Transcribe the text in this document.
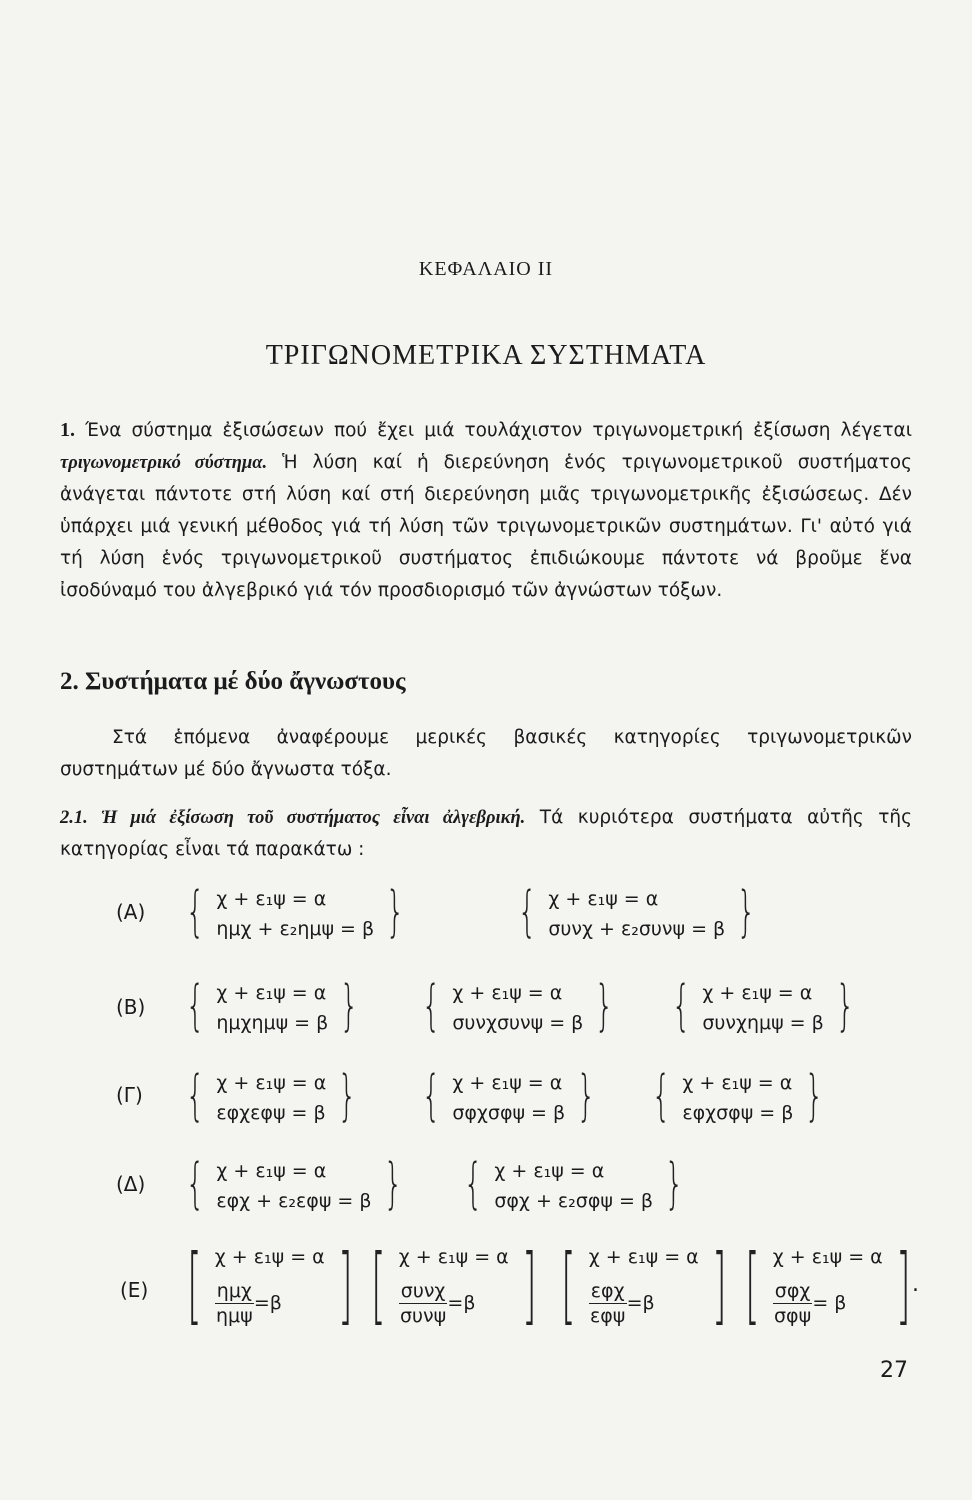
ΚΕΦΑΛΑΙΟ ΙΙ
ΤΡΙΓΩΝΟΜΕΤΡΙΚΑ ΣΥΣΤΗΜΑΤΑ
1. Ένα σύστημα ἐξισώσεων πού ἔχει μιά τουλάχιστον τριγωνομετρική ἐξίσωση λέγεται τριγωνομετρικό σύστημα. Ἡ λύση καί ἡ διερεύνηση ἑνός τριγωνομετρικοῦ συστήματος ἀνάγεται πάντοτε στή λύση καί στή διερεύνηση μιᾶς τριγωνομετρικῆς ἐξισώσεως. Δέν ὑπάρχει μιά γενική μέθοδος γιά τή λύση τῶν τριγωνομετρικῶν συστημάτων. Γι' αὐτό γιά τή λύση ἑνός τριγωνομετρικοῦ συστήματος ἐπιδιώκουμε πάντοτε νά βροῦμε ἕνα ἰσοδύναμό του ἀλγεβρικό γιά τόν προσδιορισμό τῶν ἀγνώστων τόξων.
2. Συστήματα μέ δύο ἄγνωστους
Στά ἑπόμενα ἀναφέρουμε μερικές βασικές κατηγορίες τριγωνομετρικῶν συστημάτων μέ δύο ἄγνωστα τόξα.
2.1. Ἡ μιά ἐξίσωση τοῦ συστήματος εἶναι ἀλγεβρική. Τά κυριότερα συστήματα αὐτῆς τῆς κατηγορίας εἶναι τά παρακάτω :
(Α) { χ + ε₁ψ = α
ημχ + ε₂ημψ = β } { χ + ε₁ψ = α
συνχ + ε₂συνψ = β }
(Β) { χ + ε₁ψ = α
ημχημψ = β } { χ + ε₁ψ = α
συνχσυνψ = β } { χ + ε₁ψ = α
συνχημψ = β }
(Γ) { χ + ε₁ψ = α
εφχεφψ = β } { χ + ε₁ψ = α
σφχσφψ = β } { χ + ε₁ψ = α
εφχσφψ = β }
(Δ) { χ + ε₁ψ = α
εφχ + ε₂εφψ = β } { χ + ε₁ψ = α
σφχ + ε₂σφψ = β }
(Ε) [ χ + ε₁ψ = α
$\frac{\text{ημχ}}{\text{ημψ}} =\beta$ ] [ χ + ε₁ψ = α
$\frac{\text{συνχ}}{\text{συνψ}} =\beta$ ] [ χ + ε₁ψ = α
$\frac{\text{εφχ}}{\text{εφψ}} =\beta$ ] [ χ + ε₁ψ = α
$\frac{\text{σφχ}}{\text{σφψ}} = \beta$ ] .
27
